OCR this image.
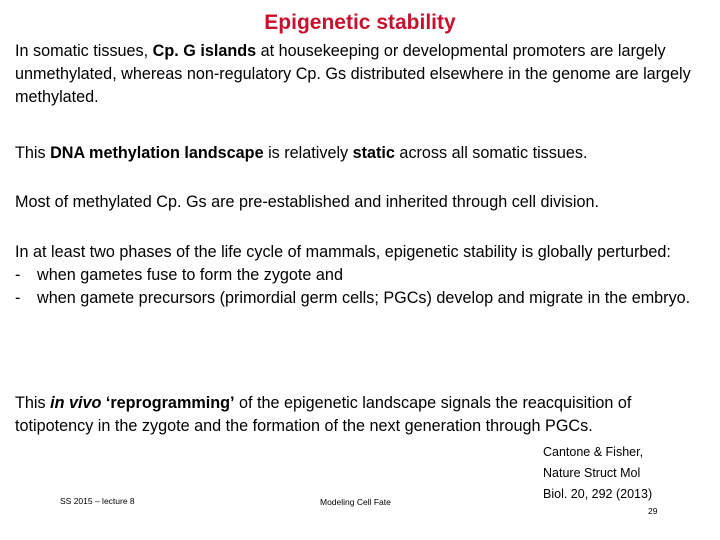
Epigenetic stability

In somatic tissues, Cp. G islands at housekeeping or developmental promoters are largely unmethylated, whereas non-regulatory Cp. Gs distributed elsewhere in the genome are largely methylated.

This DNA methylation landscape is relatively static across all somatic tissues.

Most of methylated Cp. Gs are pre-established and inherited through cell division.

In at least two phases of the life cycle of mammals, epigenetic stability is globally perturbed:
- when gametes fuse to form the zygote and
- when gamete precursors (primordial germ cells; PGCs) develop and migrate in the embryo.

This in vivo ‘reprogramming’ of the epigenetic landscape signals the reacquisition of totipotency in the zygote and the formation of the next generation through PGCs.

SS 2015 – lecture 8	Modeling Cell Fate
Cantone & Fisher,
Nature Struct Mol
Biol. 20, 292 (2013)
29
